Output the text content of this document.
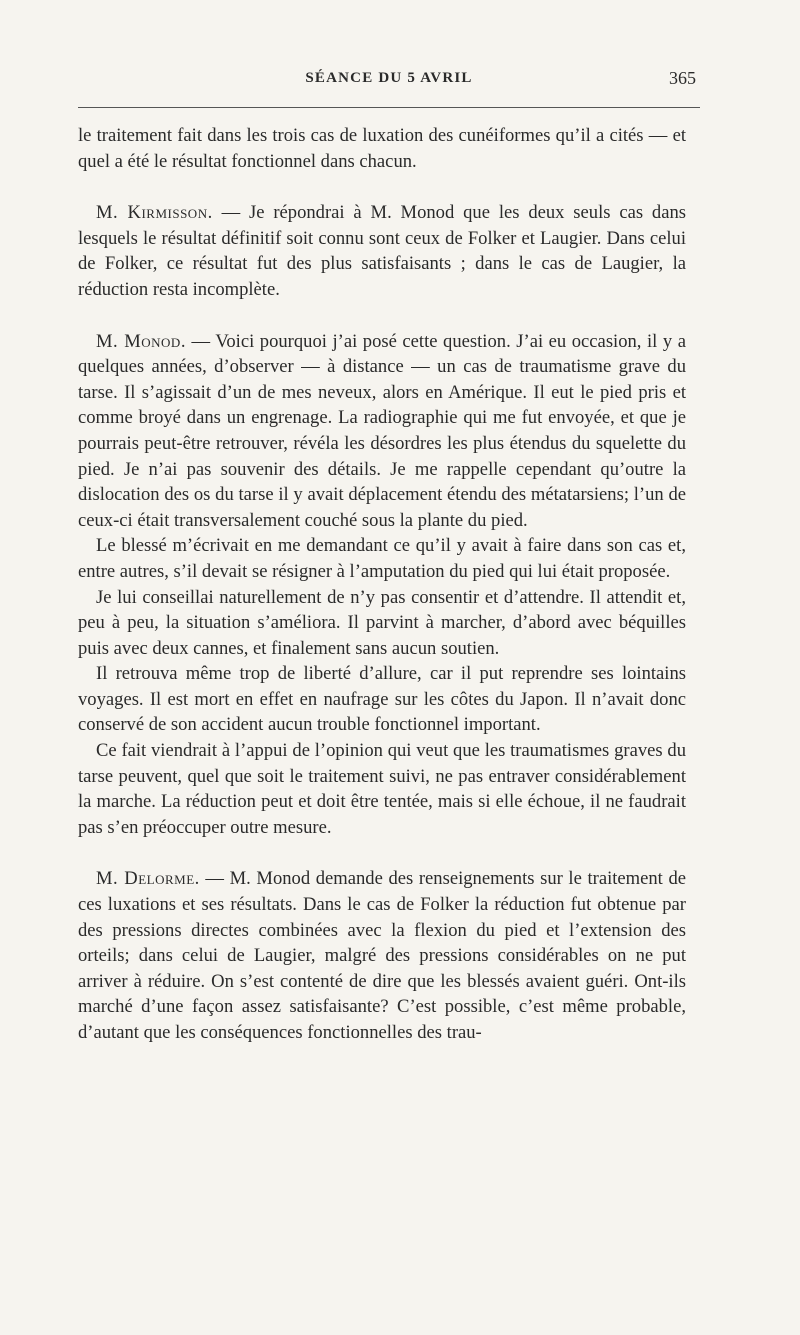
SÉANCE DU 5 AVRIL	365

le traitement fait dans les trois cas de luxation des cunéiformes qu’il a cités — et quel a été le résultat fonctionnel dans chacun.

M. Kirmisson. — Je répondrai à M. Monod que les deux seuls cas dans lesquels le résultat définitif soit connu sont ceux de Folker et Laugier. Dans celui de Folker, ce résultat fut des plus satisfaisants ; dans le cas de Laugier, la réduction resta incomplète.

M. Monod. — Voici pourquoi j’ai posé cette question. J’ai eu occasion, il y a quelques années, d’observer — à distance — un cas de traumatisme grave du tarse. Il s’agissait d’un de mes neveux, alors en Amérique. Il eut le pied pris et comme broyé dans un engrenage. La radiographie qui me fut envoyée, et que je pourrais peut-être retrouver, révéla les désordres les plus étendus du squelette du pied. Je n’ai pas souvenir des détails. Je me rappelle cependant qu’outre la dislocation des os du tarse il y avait déplacement étendu des métatarsiens; l’un de ceux-ci était transversalement couché sous la plante du pied.

Le blessé m’écrivait en me demandant ce qu’il y avait à faire dans son cas et, entre autres, s’il devait se résigner à l’amputation du pied qui lui était proposée.

Je lui conseillai naturellement de n’y pas consentir et d’attendre. Il attendit et, peu à peu, la situation s’améliora. Il parvint à marcher, d’abord avec béquilles puis avec deux cannes, et finalement sans aucun soutien.

Il retrouva même trop de liberté d’allure, car il put reprendre ses lointains voyages. Il est mort en effet en naufrage sur les côtes du Japon. Il n’avait donc conservé de son accident aucun trouble fonctionnel important.

Ce fait viendrait à l’appui de l’opinion qui veut que les traumatismes graves du tarse peuvent, quel que soit le traitement suivi, ne pas entraver considérablement la marche. La réduction peut et doit être tentée, mais si elle échoue, il ne faudrait pas s’en préoccuper outre mesure.

M. Delorme. — M. Monod demande des renseignements sur le traitement de ces luxations et ses résultats. Dans le cas de Folker la réduction fut obtenue par des pressions directes combinées avec la flexion du pied et l’extension des orteils; dans celui de Laugier, malgré des pressions considérables on ne put arriver à réduire. On s’est contenté de dire que les blessés avaient guéri. Ont-ils marché d’une façon assez satisfaisante? C’est possible, c’est même probable, d’autant que les conséquences fonctionnelles des trau-
